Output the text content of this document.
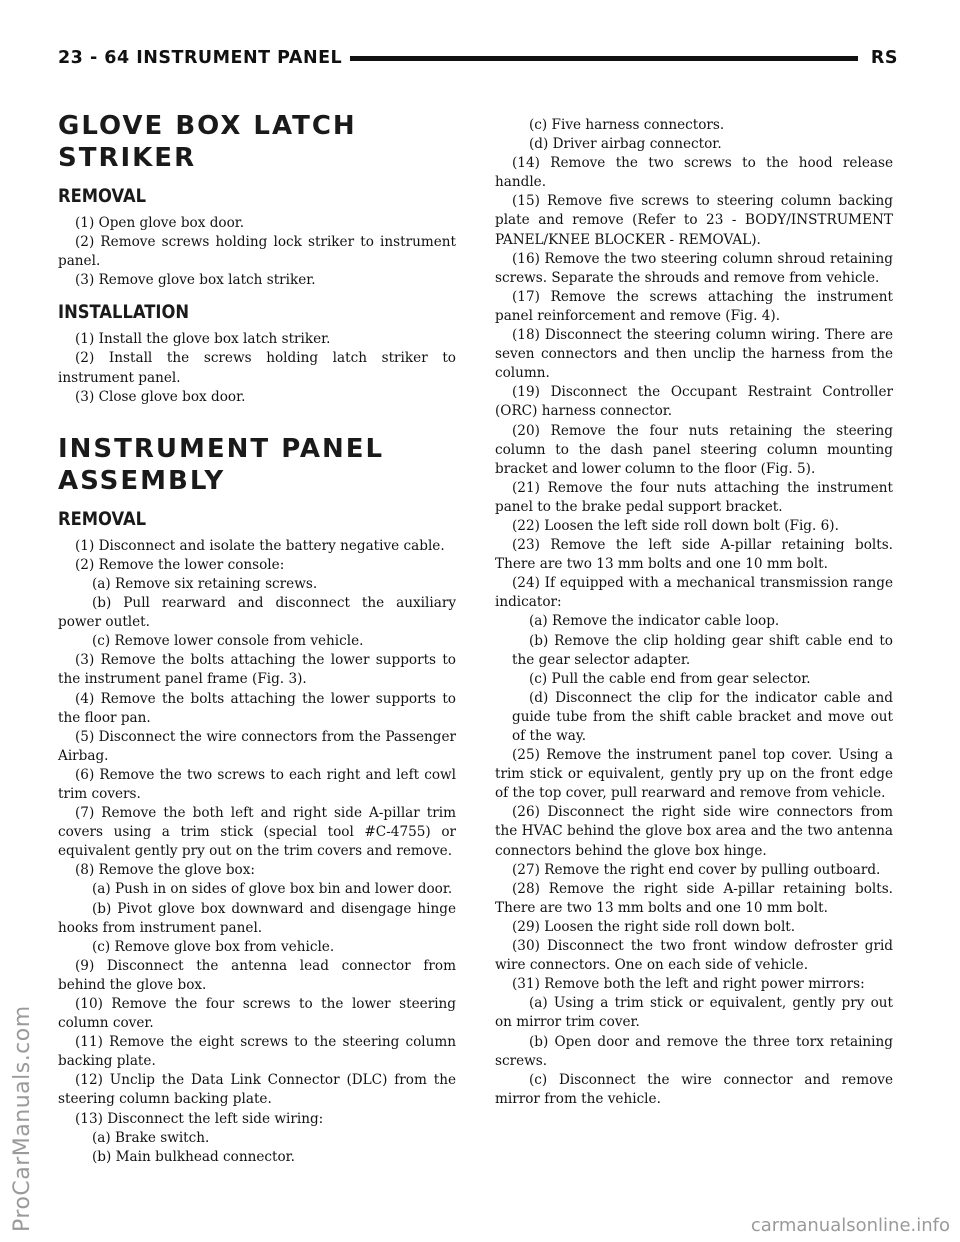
23 - 64 INSTRUMENT PANEL	RS
GLOVE BOX LATCH STRIKER
REMOVAL

(1) Open glove box door.

(2) Remove screws holding lock striker to instrument panel.

(3) Remove glove box latch striker.

INSTALLATION

(1) Install the glove box latch striker.

(2) Install the screws holding latch striker to instrument panel.

(3) Close glove box door.

INSTRUMENT PANEL ASSEMBLY
REMOVAL

(1) Disconnect and isolate the battery negative cable.

(2) Remove the lower console:

(a) Remove six retaining screws.

(b) Pull rearward and disconnect the auxiliary power outlet.

(c) Remove lower console from vehicle.

(3) Remove the bolts attaching the lower supports to the instrument panel frame (Fig. 3).

(4) Remove the bolts attaching the lower supports to the floor pan.

(5) Disconnect the wire connectors from the Passenger Airbag.

(6) Remove the two screws to each right and left cowl trim covers.

(7) Remove the both left and right side A-pillar trim covers using a trim stick (special tool #C-4755) or equivalent gently pry out on the trim covers and remove.

(8) Remove the glove box:

(a) Push in on sides of glove box bin and lower door.

(b) Pivot glove box downward and disengage hinge hooks from instrument panel.

(c) Remove glove box from vehicle.

(9) Disconnect the antenna lead connector from behind the glove box.

(10) Remove the four screws to the lower steering column cover.

(11) Remove the eight screws to the steering column backing plate.

(12) Unclip the Data Link Connector (DLC) from the steering column backing plate.

(13) Disconnect the left side wiring:

(a) Brake switch.

(b) Main bulkhead connector.

(c) Five harness connectors.

(d) Driver airbag connector.

(14) Remove the two screws to the hood release handle.

(15) Remove five screws to steering column backing plate and remove (Refer to 23 - BODY/INSTRUMENT PANEL/KNEE BLOCKER - REMOVAL).

(16) Remove the two steering column shroud retaining screws. Separate the shrouds and remove from vehicle.

(17) Remove the screws attaching the instrument panel reinforcement and remove (Fig. 4).

(18) Disconnect the steering column wiring. There are seven connectors and then unclip the harness from the column.

(19) Disconnect the Occupant Restraint Controller (ORC) harness connector.

(20) Remove the four nuts retaining the steering column to the dash panel steering column mounting bracket and lower column to the floor (Fig. 5).

(21) Remove the four nuts attaching the instrument panel to the brake pedal support bracket.

(22) Loosen the left side roll down bolt (Fig. 6).

(23) Remove the left side A-pillar retaining bolts. There are two 13 mm bolts and one 10 mm bolt.

(24) If equipped with a mechanical transmission range indicator:

(a) Remove the indicator cable loop.

(b) Remove the clip holding gear shift cable end to the gear selector adapter.

(c) Pull the cable end from gear selector.

(d) Disconnect the clip for the indicator cable and guide tube from the shift cable bracket and move out of the way.

(25) Remove the instrument panel top cover. Using a trim stick or equivalent, gently pry up on the front edge of the top cover, pull rearward and remove from vehicle.

(26) Disconnect the right side wire connectors from the HVAC behind the glove box area and the two antenna connectors behind the glove box hinge.

(27) Remove the right end cover by pulling outboard.

(28) Remove the right side A-pillar retaining bolts. There are two 13 mm bolts and one 10 mm bolt.

(29) Loosen the right side roll down bolt.

(30) Disconnect the two front window defroster grid wire connectors. One on each side of vehicle.

(31) Remove both the left and right power mirrors:

(a) Using a trim stick or equivalent, gently pry out on mirror trim cover.

(b) Open door and remove the three torx retaining screws.

(c) Disconnect the wire connector and remove mirror from the vehicle.

ProCarManuals.com	carmanualsonline.info
